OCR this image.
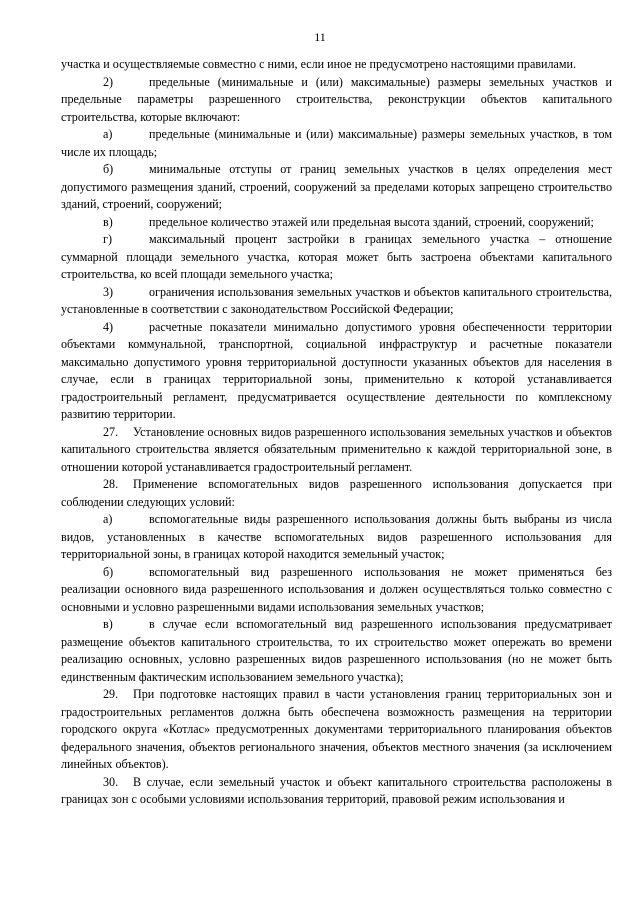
11

участка и осуществляемые совместно с ними, если иное не предусмотрено настоящими правилами.

2)	предельные (минимальные и (или) максимальные) размеры земельных участков и предельные параметры разрешенного строительства, реконструкции объектов капитального строительства, которые включают:

а)	предельные (минимальные и (или) максимальные) размеры земельных участков, в том числе их площадь;

б)	минимальные отступы от границ земельных участков в целях определения мест допустимого размещения зданий, строений, сооружений за пределами которых запрещено строительство зданий, строений, сооружений;

в)	предельное количество этажей или предельная высота зданий, строений, сооружений;

г)	максимальный процент застройки в границах земельного участка – отношение суммарной площади земельного участка, которая может быть застроена объектами капитального строительства, ко всей площади земельного участка;

3)	ограничения использования земельных участков и объектов капитального строительства, установленные в соответствии с законодательством Российской Федерации;

4)	расчетные показатели минимально допустимого уровня обеспеченности территории объектами коммунальной, транспортной, социальной инфраструктур и расчетные показатели максимально допустимого уровня территориальной доступности указанных объектов для населения в случае, если в границах территориальной зоны, применительно к которой устанавливается градостроительный регламент, предусматривается осуществление деятельности по комплексному развитию территории.

27. Установление основных видов разрешенного использования земельных участков и объектов капитального строительства является обязательным применительно к каждой территориальной зоне, в отношении которой устанавливается градостроительный регламент.

28. Применение вспомогательных видов разрешенного использования допускается при соблюдении следующих условий:

а)	вспомогательные виды разрешенного использования должны быть выбраны из числа видов, установленных в качестве вспомогательных видов разрешенного использования для территориальной зоны, в границах которой находится земельный участок;

б)	вспомогательный вид разрешенного использования не может применяться без реализации основного вида разрешенного использования и должен осуществляться только совместно с основными и условно разрешенными видами использования земельных участков;

в)	в случае если вспомогательный вид разрешенного использования предусматривает размещение объектов капитального строительства, то их строительство может опережать во времени реализацию основных, условно разрешенных видов разрешенного использования (но не может быть единственным фактическим использованием земельного участка);

29. При подготовке настоящих правил в части установления границ территориальных зон и градостроительных регламентов должна быть обеспечена возможность размещения на территории городского округа «Котлас» предусмотренных документами территориального планирования объектов федерального значения, объектов регионального значения, объектов местного значения (за исключением линейных объектов).

30. В случае, если земельный участок и объект капитального строительства расположены в границах зон с особыми условиями использования территорий, правовой режим использования и
